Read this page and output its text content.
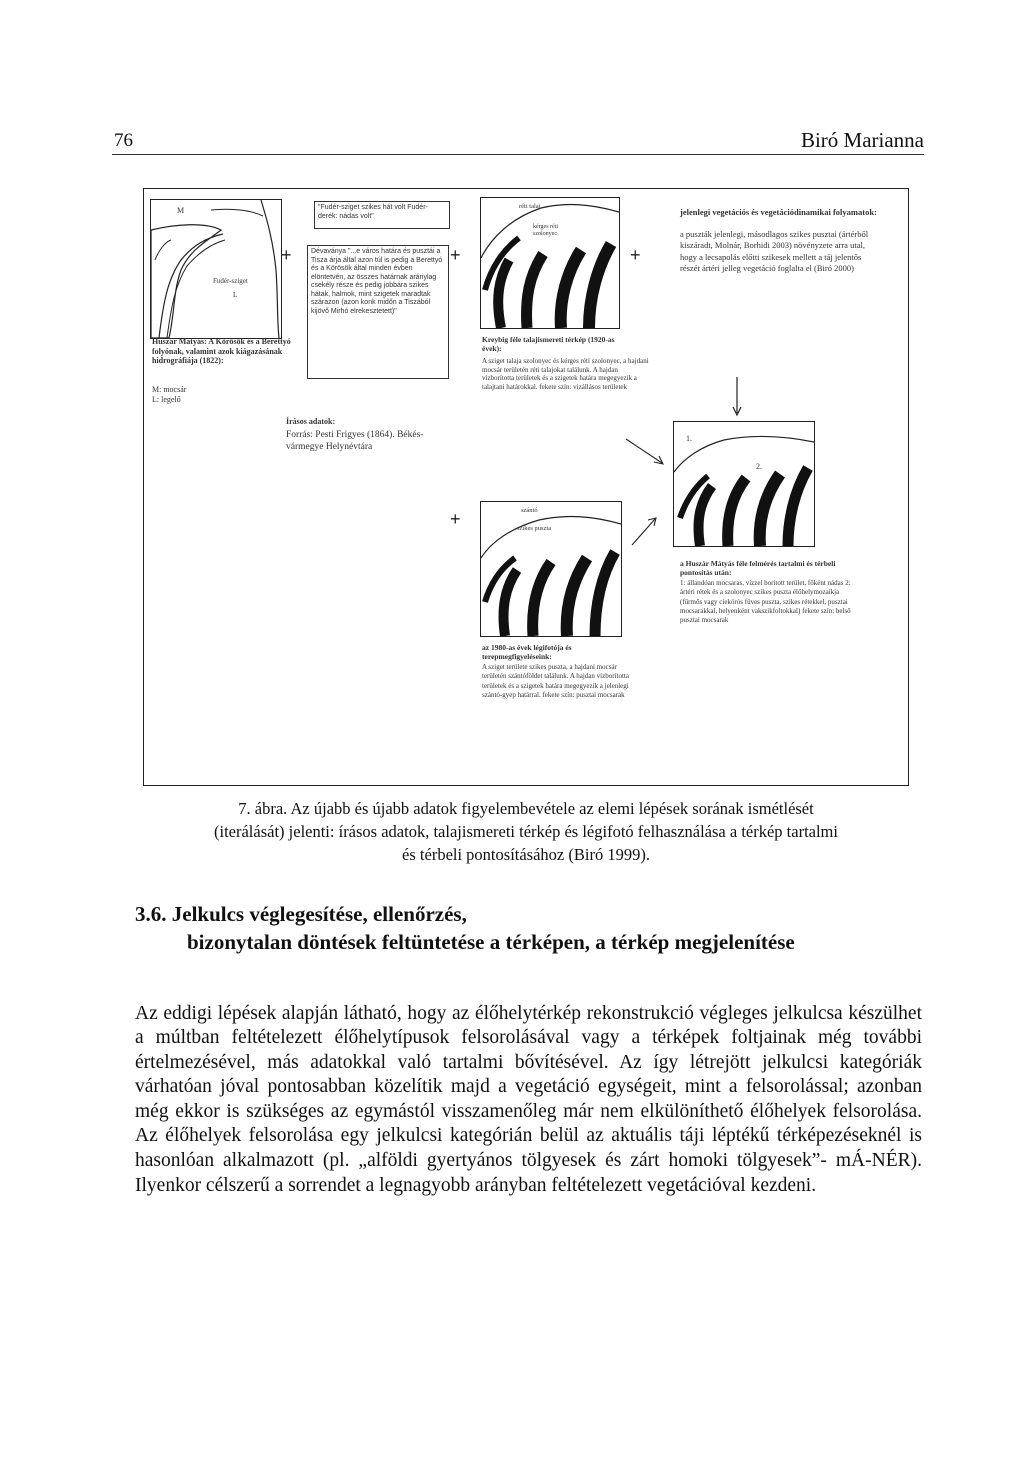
76	Biró Marianna
M
Fudér-sziget
L
+
Huszár Mátyás: A Körösök és a Berettyó folyónak, valamint azok kiágazásának hidrográfiája (1822):
M: mocsár
L: legelő
"Fudér-sziget szikes hát volt Fudér-derék: nádas volt"
Dévaványa "...e város határa és pusztái a Tisza árja által azon túl is pedig a Berettyó és a Körösök által minden évben elöntetvén, az összes határnak aránylag csekély része és pedig jobbára szikes hátak, halmok, mint szigetek maradtak szárazon (azon konk midőn a Tiszából kijövő Mirhó elrekesztetett)"
+
Írásos adatok:
Forrás: Pesti Frigyes (1864). Békés-vármegye Helynévtára
réti talaj
kérges réti szolonyec
+
Kreybig féle talajismereti térkép (1920-as évek):
A sziget talaja szolonyec és kérges réti szolonyec, a hajdani mocsár területén réti talajokat találunk. A hajdan vízborította területek és a szigetek határa megegyezik a talajtani határokkal. fekete szín: vizállásos területek
jelenlegi vegetációs és vegetációdinamikai folyamatok:
a puszták jelenlegi, másodlagos szikes pusztai (ártérből kiszáradt, Molnár, Borhidi 2003) növényzete arra utal, hogy a lecsapolás előtti szikesek mellett a táj jelentős részét ártéri jelleg vegetáció foglalta el (Biró 2000)
1.
2.
a Huszár Mátyás féle felmérés tartalmi és térbeli pontosítás után:
1: állandóan mocsaras, vízzel borított terület, főként nádas 2: ártéri rétek és a szolonyec szikes puszta élőhelymozaikja (fűrmős vagy ciekórós füves puszta, szikes rétekkel, pusztai mocsarakkal, helyenként vakszikfoltokkal) fekete szín: belső pusztai mocsarak
+	szántó
szikes puszta
az 1980-as évek légifotója és terepmegfigyeléseink:
A sziget területe szikes puszta, a hajdani mocsár területén szántóföldet találunk. A hajdan vízborította területek és a szigetek határa megegyezik a jelenlegi szántó-gyep határral. fekete szín: pusztai mocsarak
7. ábra. Az újabb és újabb adatok figyelembevétele az elemi lépések sorának ismétlését
(iterálását) jelenti: írásos adatok, talajismereti térkép és légifotó felhasználása a térkép tartalmi
és térbeli pontosításához (Biró 1999).
3.6. Jelkulcs véglegesítése, ellenőrzés,
bizonytalan döntések feltüntetése a térképen, a térkép megjelenítése

Az eddigi lépések alapján látható, hogy az élőhelytérkép rekonstrukció végleges jelkulcsa készülhet a múltban feltételezett élőhelytípusok felsorolásával vagy a térképek foltjainak még további értelmezésével, más adatokkal való tartalmi bővítésével. Az így létrejött jelkulcsi kategóriák várhatóan jóval pontosabban közelítik majd a vegetáció egységeit, mint a felsorolással; azonban még ekkor is szükséges az egymástól visszamenőleg már nem elkülöníthető élőhelyek felsorolása. Az élőhelyek felsorolása egy jelkulcsi kategórián belül az aktuális táji léptékű térképezéseknél is hasonlóan alkalmazott (pl. „alföldi gyertyános tölgyesek és zárt homoki tölgyesek”- mÁ-NÉR). Ilyenkor célszerű a sorrendet a legnagyobb arányban feltételezett vegetációval kezdeni.
